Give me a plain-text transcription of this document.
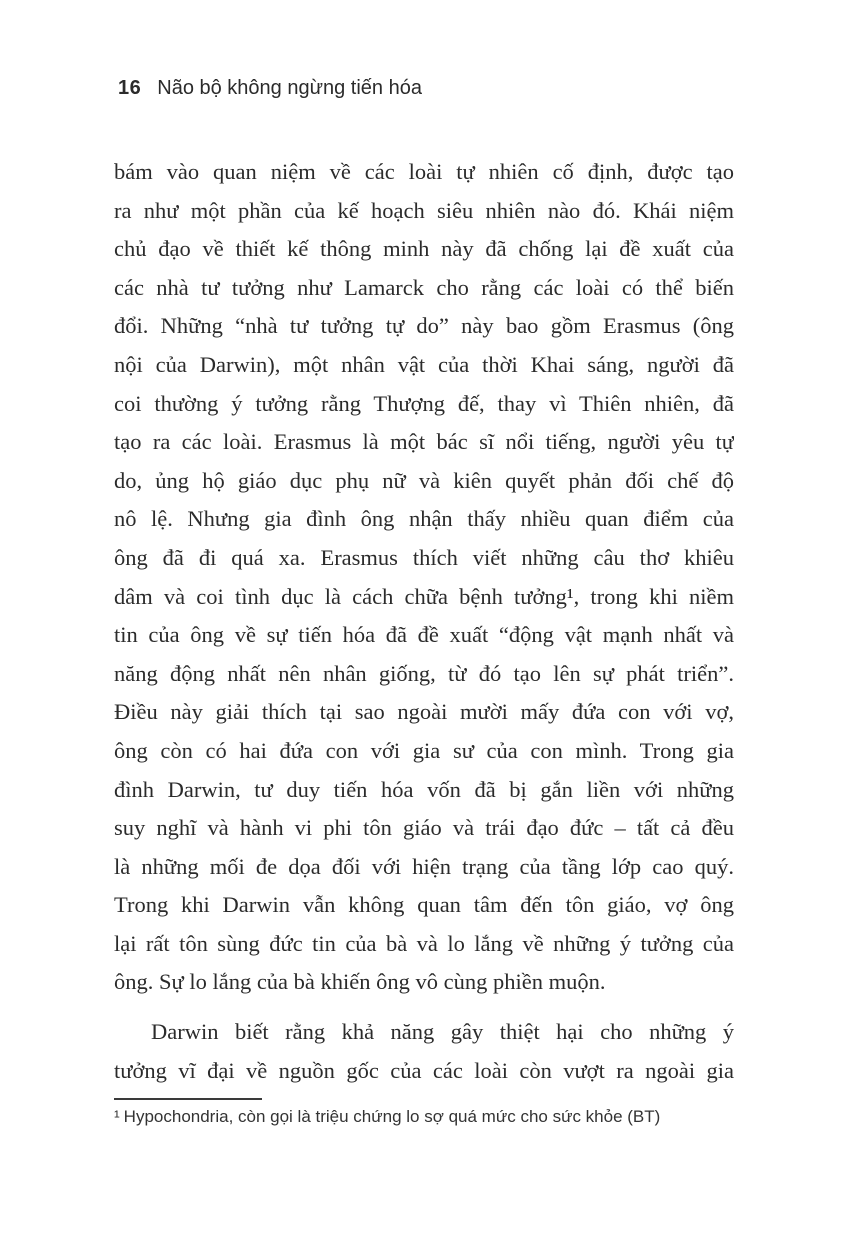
16 Não bộ không ngừng tiến hóa
bám vào quan niệm về các loài tự nhiên cố định, được tạo
ra như một phần của kế hoạch siêu nhiên nào đó. Khái niệm
chủ đạo về thiết kế thông minh này đã chống lại đề xuất của
các nhà tư tưởng như Lamarck cho rằng các loài có thể biến
đổi. Những “nhà tư tưởng tự do” này bao gồm Erasmus (ông
nội của Darwin), một nhân vật của thời Khai sáng, người đã
coi thường ý tưởng rằng Thượng đế, thay vì Thiên nhiên, đã
tạo ra các loài. Erasmus là một bác sĩ nổi tiếng, người yêu tự
do, ủng hộ giáo dục phụ nữ và kiên quyết phản đối chế độ
nô lệ. Nhưng gia đình ông nhận thấy nhiều quan điểm của
ông đã đi quá xa. Erasmus thích viết những câu thơ khiêu
dâm và coi tình dục là cách chữa bệnh tưởng¹, trong khi niềm
tin của ông về sự tiến hóa đã đề xuất “động vật mạnh nhất và
năng động nhất nên nhân giống, từ đó tạo lên sự phát triển”.
Điều này giải thích tại sao ngoài mười mấy đứa con với vợ,
ông còn có hai đứa con với gia sư của con mình. Trong gia
đình Darwin, tư duy tiến hóa vốn đã bị gắn liền với những
suy nghĩ và hành vi phi tôn giáo và trái đạo đức – tất cả đều
là những mối đe dọa đối với hiện trạng của tầng lớp cao quý.
Trong khi Darwin vẫn không quan tâm đến tôn giáo, vợ ông
lại rất tôn sùng đức tin của bà và lo lắng về những ý tưởng của
ông. Sự lo lắng của bà khiến ông vô cùng phiền muộn.
Darwin biết rằng khả năng gây thiệt hại cho những ý
tưởng vĩ đại về nguồn gốc của các loài còn vượt ra ngoài gia
¹ Hypochondria, còn gọi là triệu chứng lo sợ quá mức cho sức khỏe (BT)
